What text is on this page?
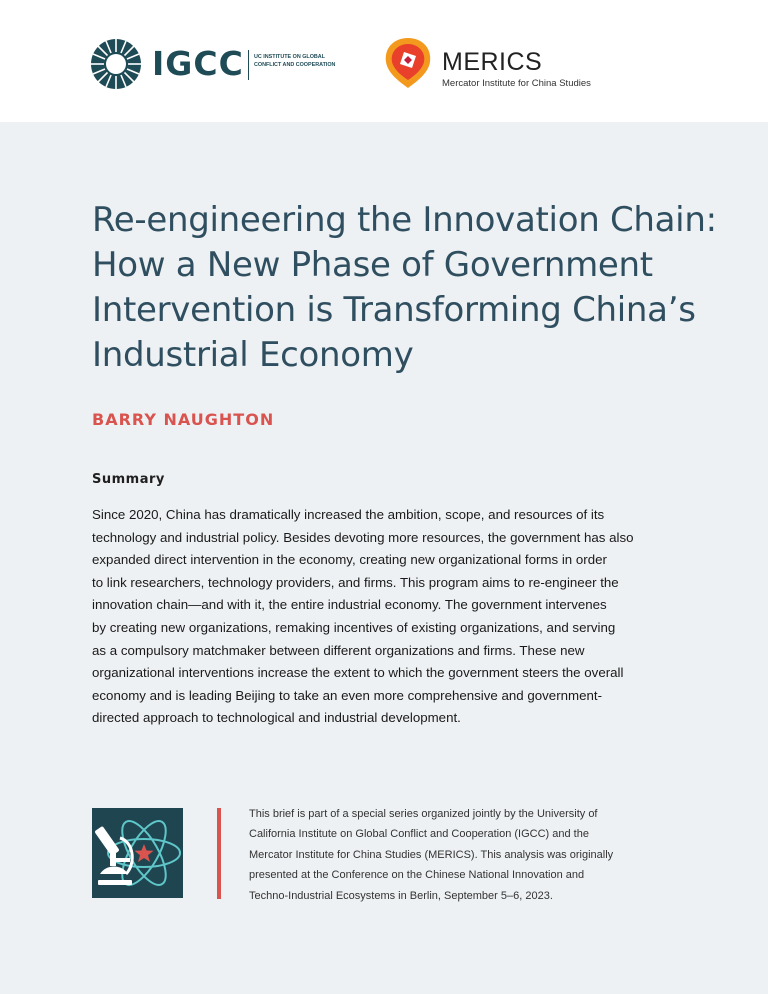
IGCC UC INSTITUTE ON GLOBAL
CONFLICT AND COOPERATION	MERICS
Mercator Institute for China Studies
Re-engineering the Innovation Chain:
How a New Phase of Government
Intervention is Transforming China’s
Industrial Economy
BARRY NAUGHTON
Summary
Since 2020, China has dramatically increased the ambition, scope, and resources of its
technology and industrial policy. Besides devoting more resources, the government has also
expanded direct intervention in the economy, creating new organizational forms in order
to link researchers, technology providers, and firms. This program aims to re-engineer the
innovation chain—and with it, the entire industrial economy. The government intervenes
by creating new organizations, remaking incentives of existing organizations, and serving
as a compulsory matchmaker between different organizations and firms. These new
organizational interventions increase the extent to which the government steers the overall
economy and is leading Beijing to take an even more comprehensive and government-
directed approach to technological and industrial development.
This brief is part of a special series organized jointly by the University of
California Institute on Global Conflict and Cooperation (IGCC) and the
Mercator Institute for China Studies (MERICS). This analysis was originally
presented at the Conference on the Chinese National Innovation and
Techno-Industrial Ecosystems in Berlin, September 5–6, 2023.
